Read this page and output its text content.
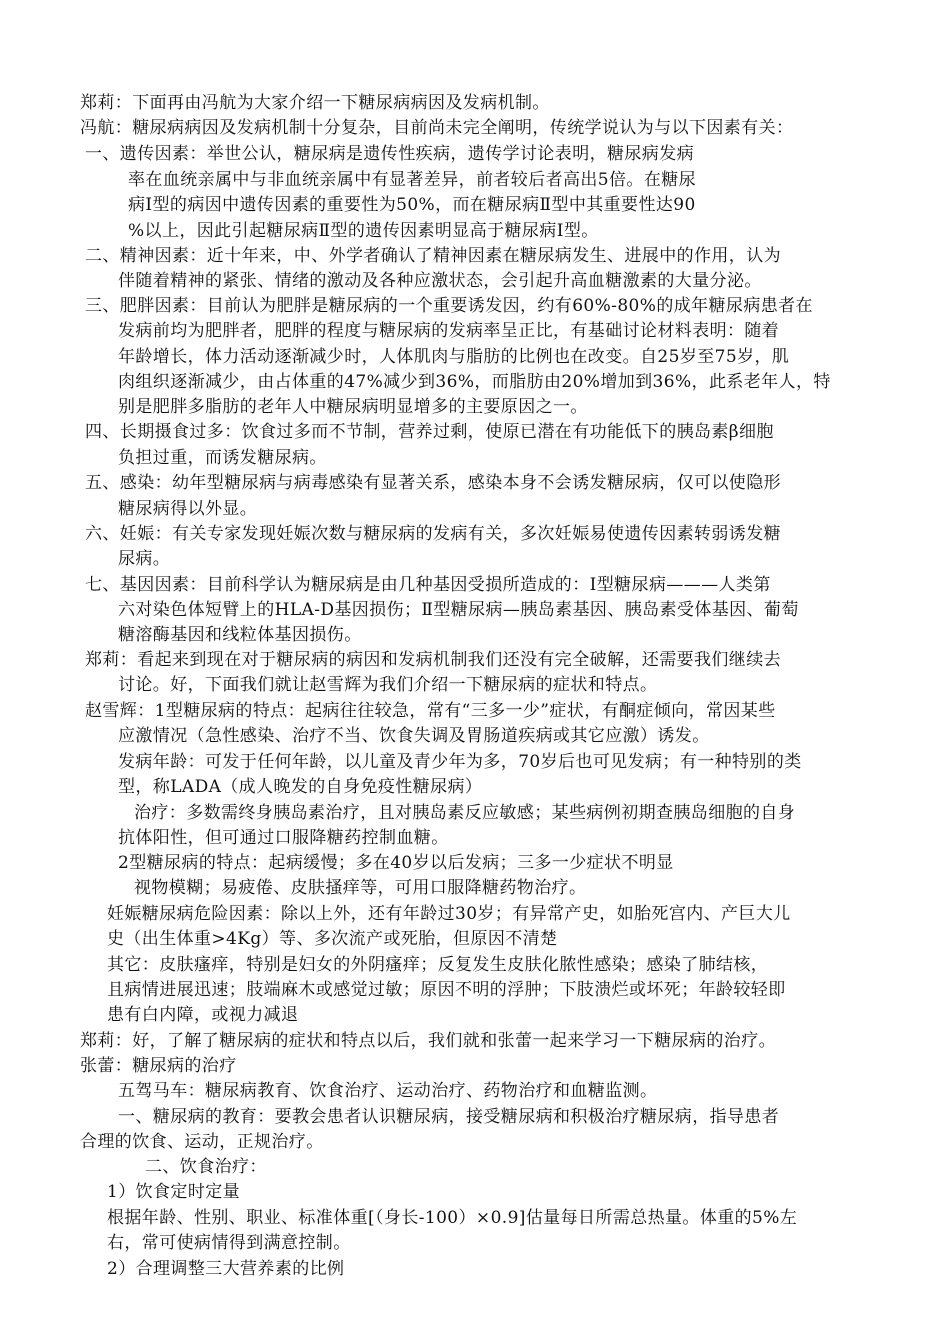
郑莉：下面再由冯航为大家介绍一下糖尿病病因及发病机制。
冯航：糖尿病病因及发病机制十分复杂，目前尚未完全阐明，传统学说认为与以下因素有关：
一、遗传因素：举世公认，糖尿病是遗传性疾病，遗传学讨论表明，糖尿病发病
率在血统亲属中与非血统亲属中有显著差异，前者较后者高出5倍。在糖尿
病Ⅰ型的病因中遗传因素的重要性为50%，而在糖尿病Ⅱ型中其重要性达90
%以上，因此引起糖尿病Ⅱ型的遗传因素明显高于糖尿病Ⅰ型。
二、精神因素：近十年来，中、外学者确认了精神因素在糖尿病发生、进展中的作用，认为
伴随着精神的紧张、情绪的激动及各种应激状态，会引起升高血糖激素的大量分泌。
三、肥胖因素：目前认为肥胖是糖尿病的一个重要诱发因，约有60%-80%的成年糖尿病患者在
发病前均为肥胖者，肥胖的程度与糖尿病的发病率呈正比，有基础讨论材料表明：随着
年龄增长，体力活动逐渐减少时，人体肌肉与脂肪的比例也在改变。自25岁至75岁，肌
肉组织逐渐减少，由占体重的47%减少到36%，而脂肪由20%增加到36%，此系老年人，特
别是肥胖多脂肪的老年人中糖尿病明显增多的主要原因之一。
四、长期摄食过多：饮食过多而不节制，营养过剩，使原已潜在有功能低下的胰岛素β细胞
负担过重，而诱发糖尿病。
五、感染：幼年型糖尿病与病毒感染有显著关系，感染本身不会诱发糖尿病，仅可以使隐形
糖尿病得以外显。
六、妊娠：有关专家发现妊娠次数与糖尿病的发病有关，多次妊娠易使遗传因素转弱诱发糖
尿病。
七、基因因素：目前科学认为糖尿病是由几种基因受损所造成的：Ⅰ型糖尿病———人类第
六对染色体短臂上的HLA-D基因损伤；Ⅱ型糖尿病—胰岛素基因、胰岛素受体基因、葡萄
糖溶酶基因和线粒体基因损伤。
郑莉：看起来到现在对于糖尿病的病因和发病机制我们还没有完全破解，还需要我们继续去
讨论。好，下面我们就让赵雪辉为我们介绍一下糖尿病的症状和特点。
赵雪辉：1型糖尿病的特点：起病往往较急，常有“三多一少”症状，有酮症倾向，常因某些
应激情况（急性感染、治疗不当、饮食失调及胃肠道疾病或其它应激）诱发。
发病年龄：可发于任何年龄，以儿童及青少年为多，70岁后也可见发病；有一种特别的类
型，称LADA（成人晚发的自身免疫性糖尿病）
治疗：多数需终身胰岛素治疗，且对胰岛素反应敏感；某些病例初期查胰岛细胞的自身
抗体阳性，但可通过口服降糖药控制血糖。
2型糖尿病的特点：起病缓慢；多在40岁以后发病；三多一少症状不明显
视物模糊；易疲倦、皮肤搔痒等，可用口服降糖药物治疗。
妊娠糖尿病危险因素：除以上外，还有年龄过30岁；有异常产史，如胎死宫内、产巨大儿
史（出生体重>4Kg）等、多次流产或死胎，但原因不清楚
其它：皮肤瘙痒，特别是妇女的外阴瘙痒；反复发生皮肤化脓性感染；感染了肺结核，
且病情进展迅速；肢端麻木或感觉过敏；原因不明的浮肿；下肢溃烂或坏死；年龄较轻即
患有白内障，或视力减退
郑莉：好，了解了糖尿病的症状和特点以后，我们就和张蕾一起来学习一下糖尿病的治疗。
张蕾：糖尿病的治疗
五驾马车：糖尿病教育、饮食治疗、运动治疗、药物治疗和血糖监测。
一、糖尿病的教育：要教会患者认识糖尿病，接受糖尿病和积极治疗糖尿病，指导患者
合理的饮食、运动，正规治疗。
二、饮食治疗：
1）饮食定时定量
根据年龄、性别、职业、标准体重[（身长-100）×0.9]估量每日所需总热量。体重的5%左
右，常可使病情得到满意控制。
2）合理调整三大营养素的比例
